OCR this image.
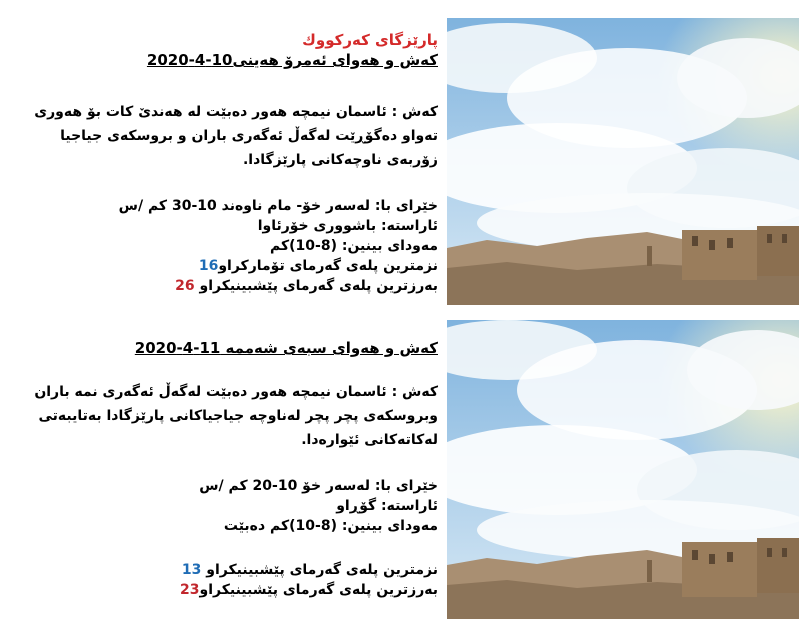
پارێزگای كەركووك

كەش و هەوای ئەمرۆ هەینی10-4-2020

كەش : ئاسمان نیمچە هەور دەبێت لە هەندێ كات بۆ هەوری تەواو دەگۆڕێت لەگەڵ ئەگەری باران و بروسكەی جیاجیا زۆربەی ناوچەكانی پارێزگادا.

خێرای با: لەسەر خۆ- مام ناوەند 10-30 كم /س

ئاراستە: باشووری خۆرئاوا

مەودای بینین: (8-10)كم

نزمترین پلەی گەرمای تۆماركراو16

بەرزترین پلەی گەرمای پێشبینیكراو 26

كەش و هەوای سبەی شەممە 11-4-2020

كەش : ئاسمان نیمچە هەور دەبێت لەگەڵ ئەگەری نمە باران وبروسكەی پچر پچر لەناوچە جیاجیاكانی پارێزگادا بەتایبەتی لەكاتەكانی ئێوارەدا.

خێرای با: لەسەر خۆ 10-20 كم /س

ئاراستە: گۆڕاو

مەودای بینین: (8-10)كم دەبێت

نزمترین پلەی گەرمای پێشبینیكراو 13

بەرزترین پلەی گەرمای پێشبینیكراو23
